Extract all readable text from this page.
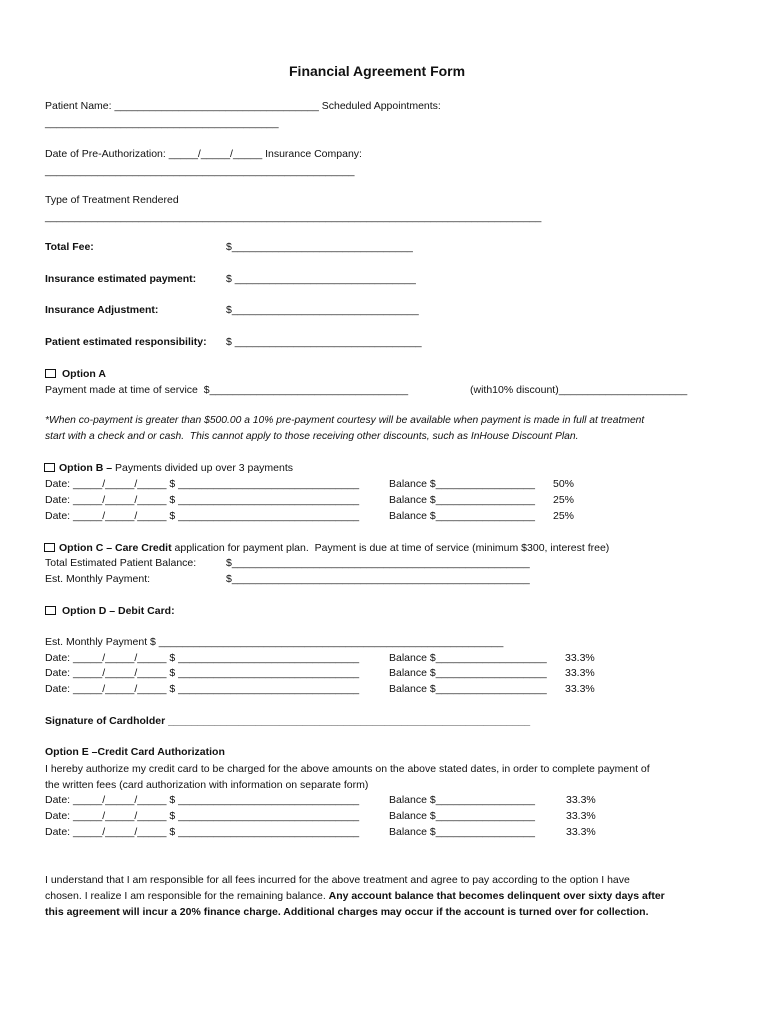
Financial Agreement Form
Patient Name: ___________________________________ Scheduled Appointments:
________________________________________
Date of Pre-Authorization: _____/_____/_____ Insurance Company:
_____________________________________________________
Type of Treatment Rendered
_____________________________________________________________________________________
Total Fee:	$_______________________________
Insurance estimated payment:	$ _______________________________
Insurance Adjustment:	$________________________________
Patient estimated responsibility: $ ________________________________
Option A
Payment made at time of service  $__________________________________	(with10% discount)______________________
*When co-payment is greater than $500.00 a 10% pre-payment courtesy will be available when payment is made in full at treatment
start with a check and or cash.  This cannot apply to those receiving other discounts, such as InHouse Discount Plan.
Option B – Payments divided up over 3 payments
Date: _____/_____/_____ $ _______________________________	Balance $_________________ 50%
Date: _____/_____/_____ $ _______________________________	Balance $_________________ 25%
Date: _____/_____/_____ $ _______________________________	Balance $_________________ 25%
Option C – Care Credit application for payment plan.  Payment is due at time of service (minimum $300, interest free)
Total Estimated Patient Balance:	$___________________________________________________
Est. Monthly Payment:	$___________________________________________________
Option D – Debit Card:
Est. Monthly Payment $ ___________________________________________________________
Date: _____/_____/_____ $ _______________________________	Balance $___________________ 33.3%
Date: _____/_____/_____ $ _______________________________	Balance $___________________ 33.3%
Date: _____/_____/_____ $ _______________________________	Balance $___________________ 33.3%
Signature of Cardholder ______________________________________________________________
Option E –Credit Card Authorization
I hereby authorize my credit card to be charged for the above amounts on the above stated dates, in order to complete payment of
the written fees (card authorization with information on separate form)
Date: _____/_____/_____ $ _______________________________	Balance $_________________	33.3%
Date: _____/_____/_____ $ _______________________________	Balance $_________________	33.3%
Date: _____/_____/_____ $ _______________________________	Balance $_________________	33.3%
I understand that I am responsible for all fees incurred for the above treatment and agree to pay according to the option I have
chosen. I realize I am responsible for the remaining balance. Any account balance that becomes delinquent over sixty days after
this agreement will incur a 20% finance charge. Additional charges may occur if the account is turned over for collection.
